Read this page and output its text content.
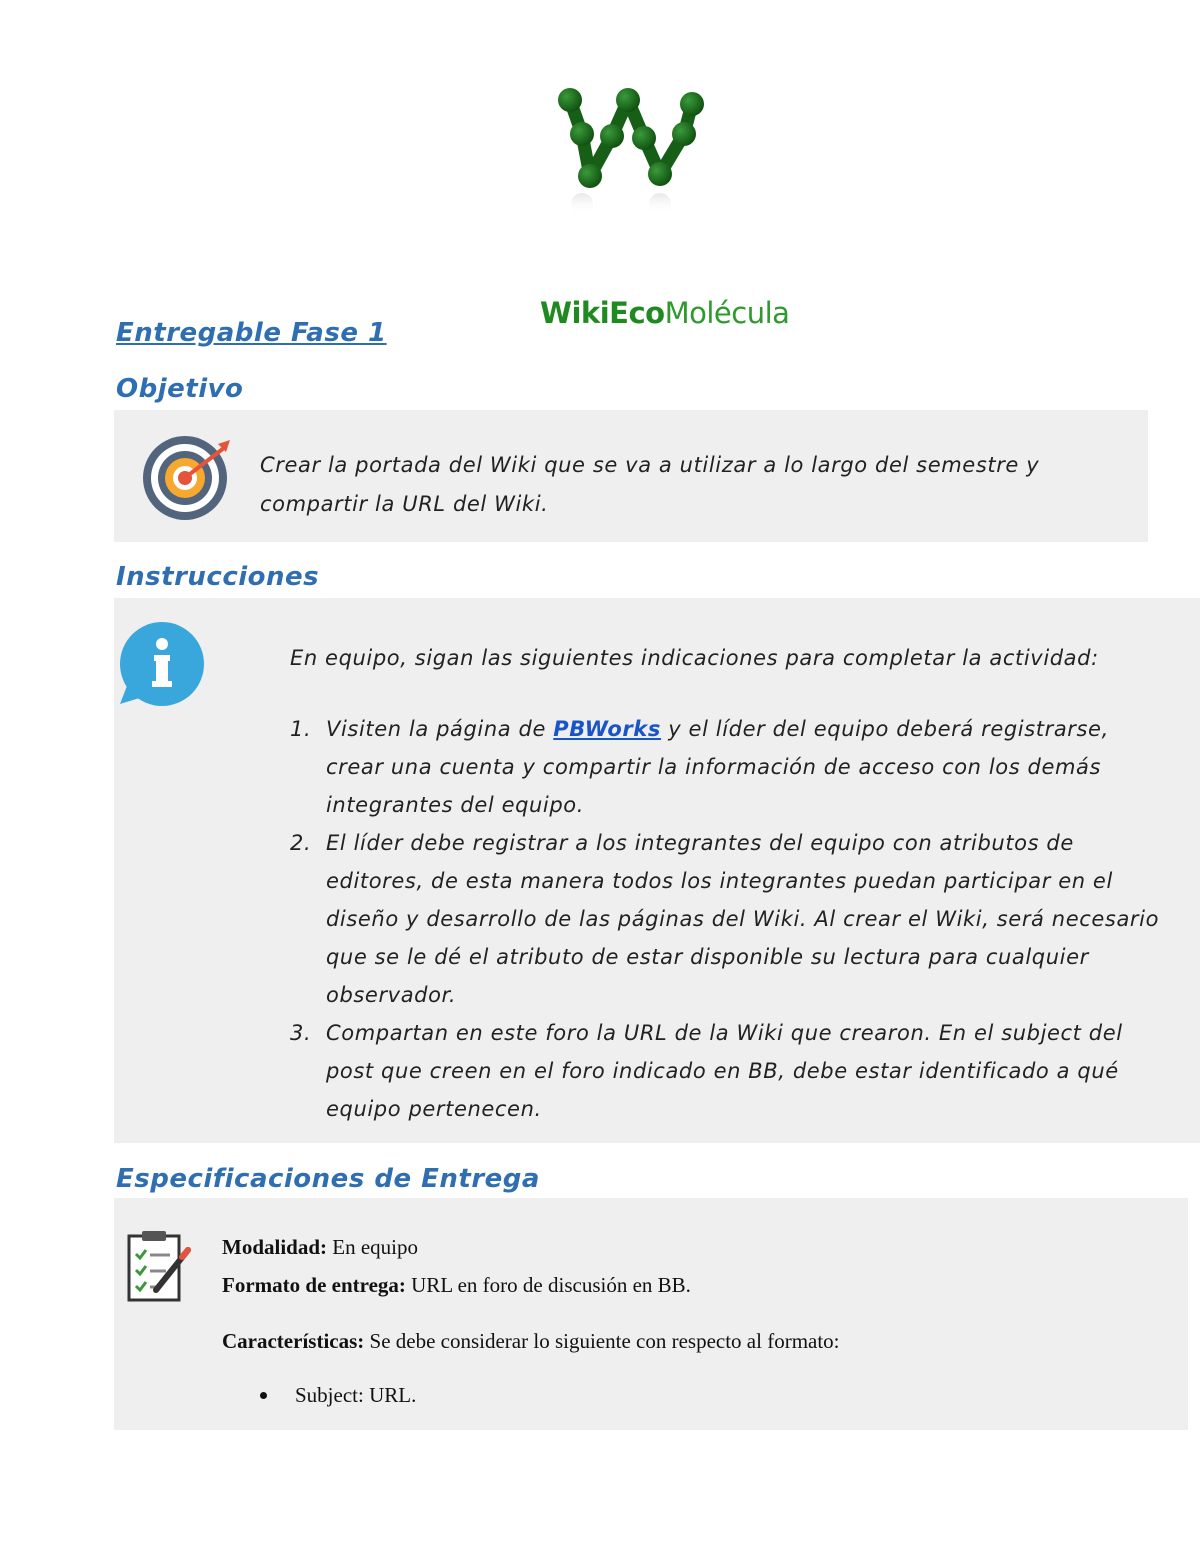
WikiEcoMolécula
Entregable Fase 1
Objetivo
Crear la portada del Wiki que se va a utilizar a lo largo del semestre y compartir la URL del Wiki.
Instrucciones
En equipo, sigan las siguientes indicaciones para completar la actividad:
1. Visiten la página de PBWorks y el líder del equipo deberá registrarse, crear una cuenta y compartir la información de acceso con los demás integrantes del equipo.
2. El líder debe registrar a los integrantes del equipo con atributos de editores, de esta manera todos los integrantes puedan participar en el diseño y desarrollo de las páginas del Wiki. Al crear el Wiki, será necesario que se le dé el atributo de estar disponible su lectura para cualquier observador.
3. Compartan en este foro la URL de la Wiki que crearon. En el subject del post que creen en el foro indicado en BB, debe estar identificado a qué equipo pertenecen.
Especificaciones de Entrega
Modalidad: En equipo
Formato de entrega: URL en foro de discusión en BB.
Características: Se debe considerar lo siguiente con respecto al formato:
Subject: URL.
